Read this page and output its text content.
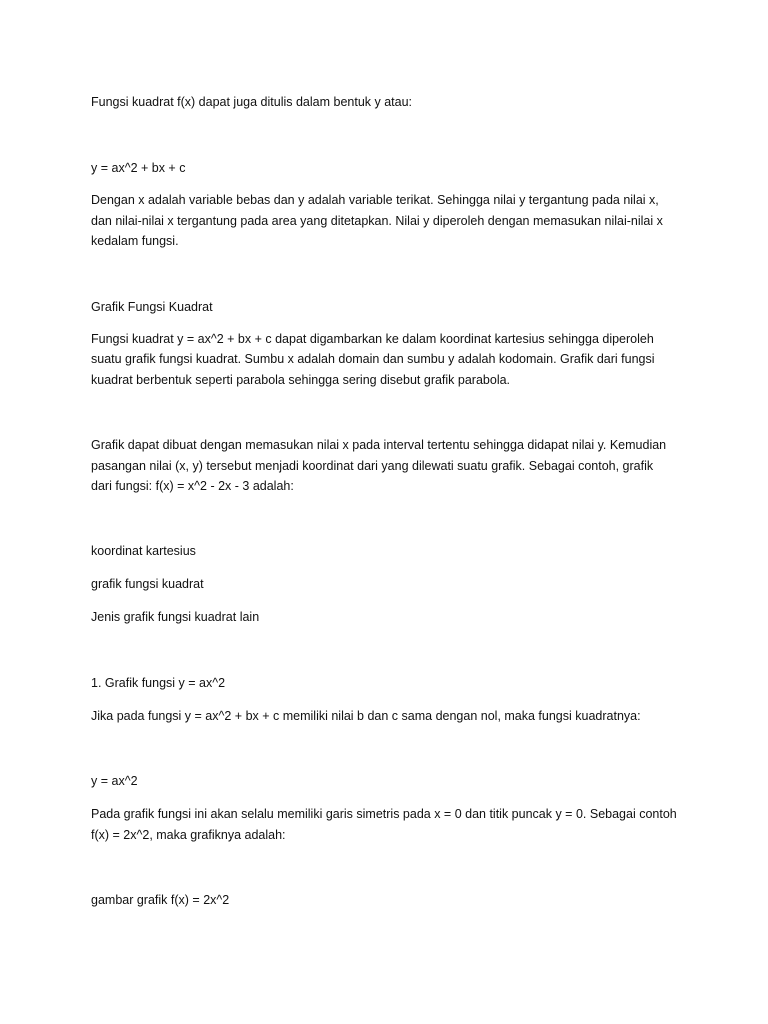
Fungsi kuadrat f(x) dapat juga ditulis dalam bentuk y atau:

y = ax^2 + bx + c

Dengan x adalah variable bebas dan y adalah variable terikat. Sehingga nilai y tergantung pada nilai x,

dan nilai-nilai x tergantung pada area yang ditetapkan. Nilai y diperoleh dengan memasukan nilai-nilai x

kedalam fungsi.

Grafik Fungsi Kuadrat

Fungsi kuadrat y = ax^2 + bx + c dapat digambarkan ke dalam koordinat kartesius sehingga diperoleh

suatu grafik fungsi kuadrat. Sumbu x adalah domain dan sumbu y adalah kodomain. Grafik dari fungsi

kuadrat berbentuk seperti parabola sehingga sering disebut grafik parabola.

Grafik dapat dibuat dengan memasukan nilai x pada interval tertentu sehingga didapat nilai y. Kemudian

pasangan nilai (x, y) tersebut menjadi koordinat dari yang dilewati suatu grafik. Sebagai contoh, grafik

dari fungsi: f(x) = x^2 - 2x - 3 adalah:

koordinat kartesius

grafik fungsi kuadrat

Jenis grafik fungsi kuadrat lain

1. Grafik fungsi y = ax^2

Jika pada fungsi y = ax^2 + bx + c memiliki nilai b dan c sama dengan nol, maka fungsi kuadratnya:

y = ax^2

Pada grafik fungsi ini akan selalu memiliki garis simetris pada x = 0 dan titik puncak y = 0. Sebagai contoh

f(x) = 2x^2, maka grafiknya adalah:

gambar grafik f(x) = 2x^2
